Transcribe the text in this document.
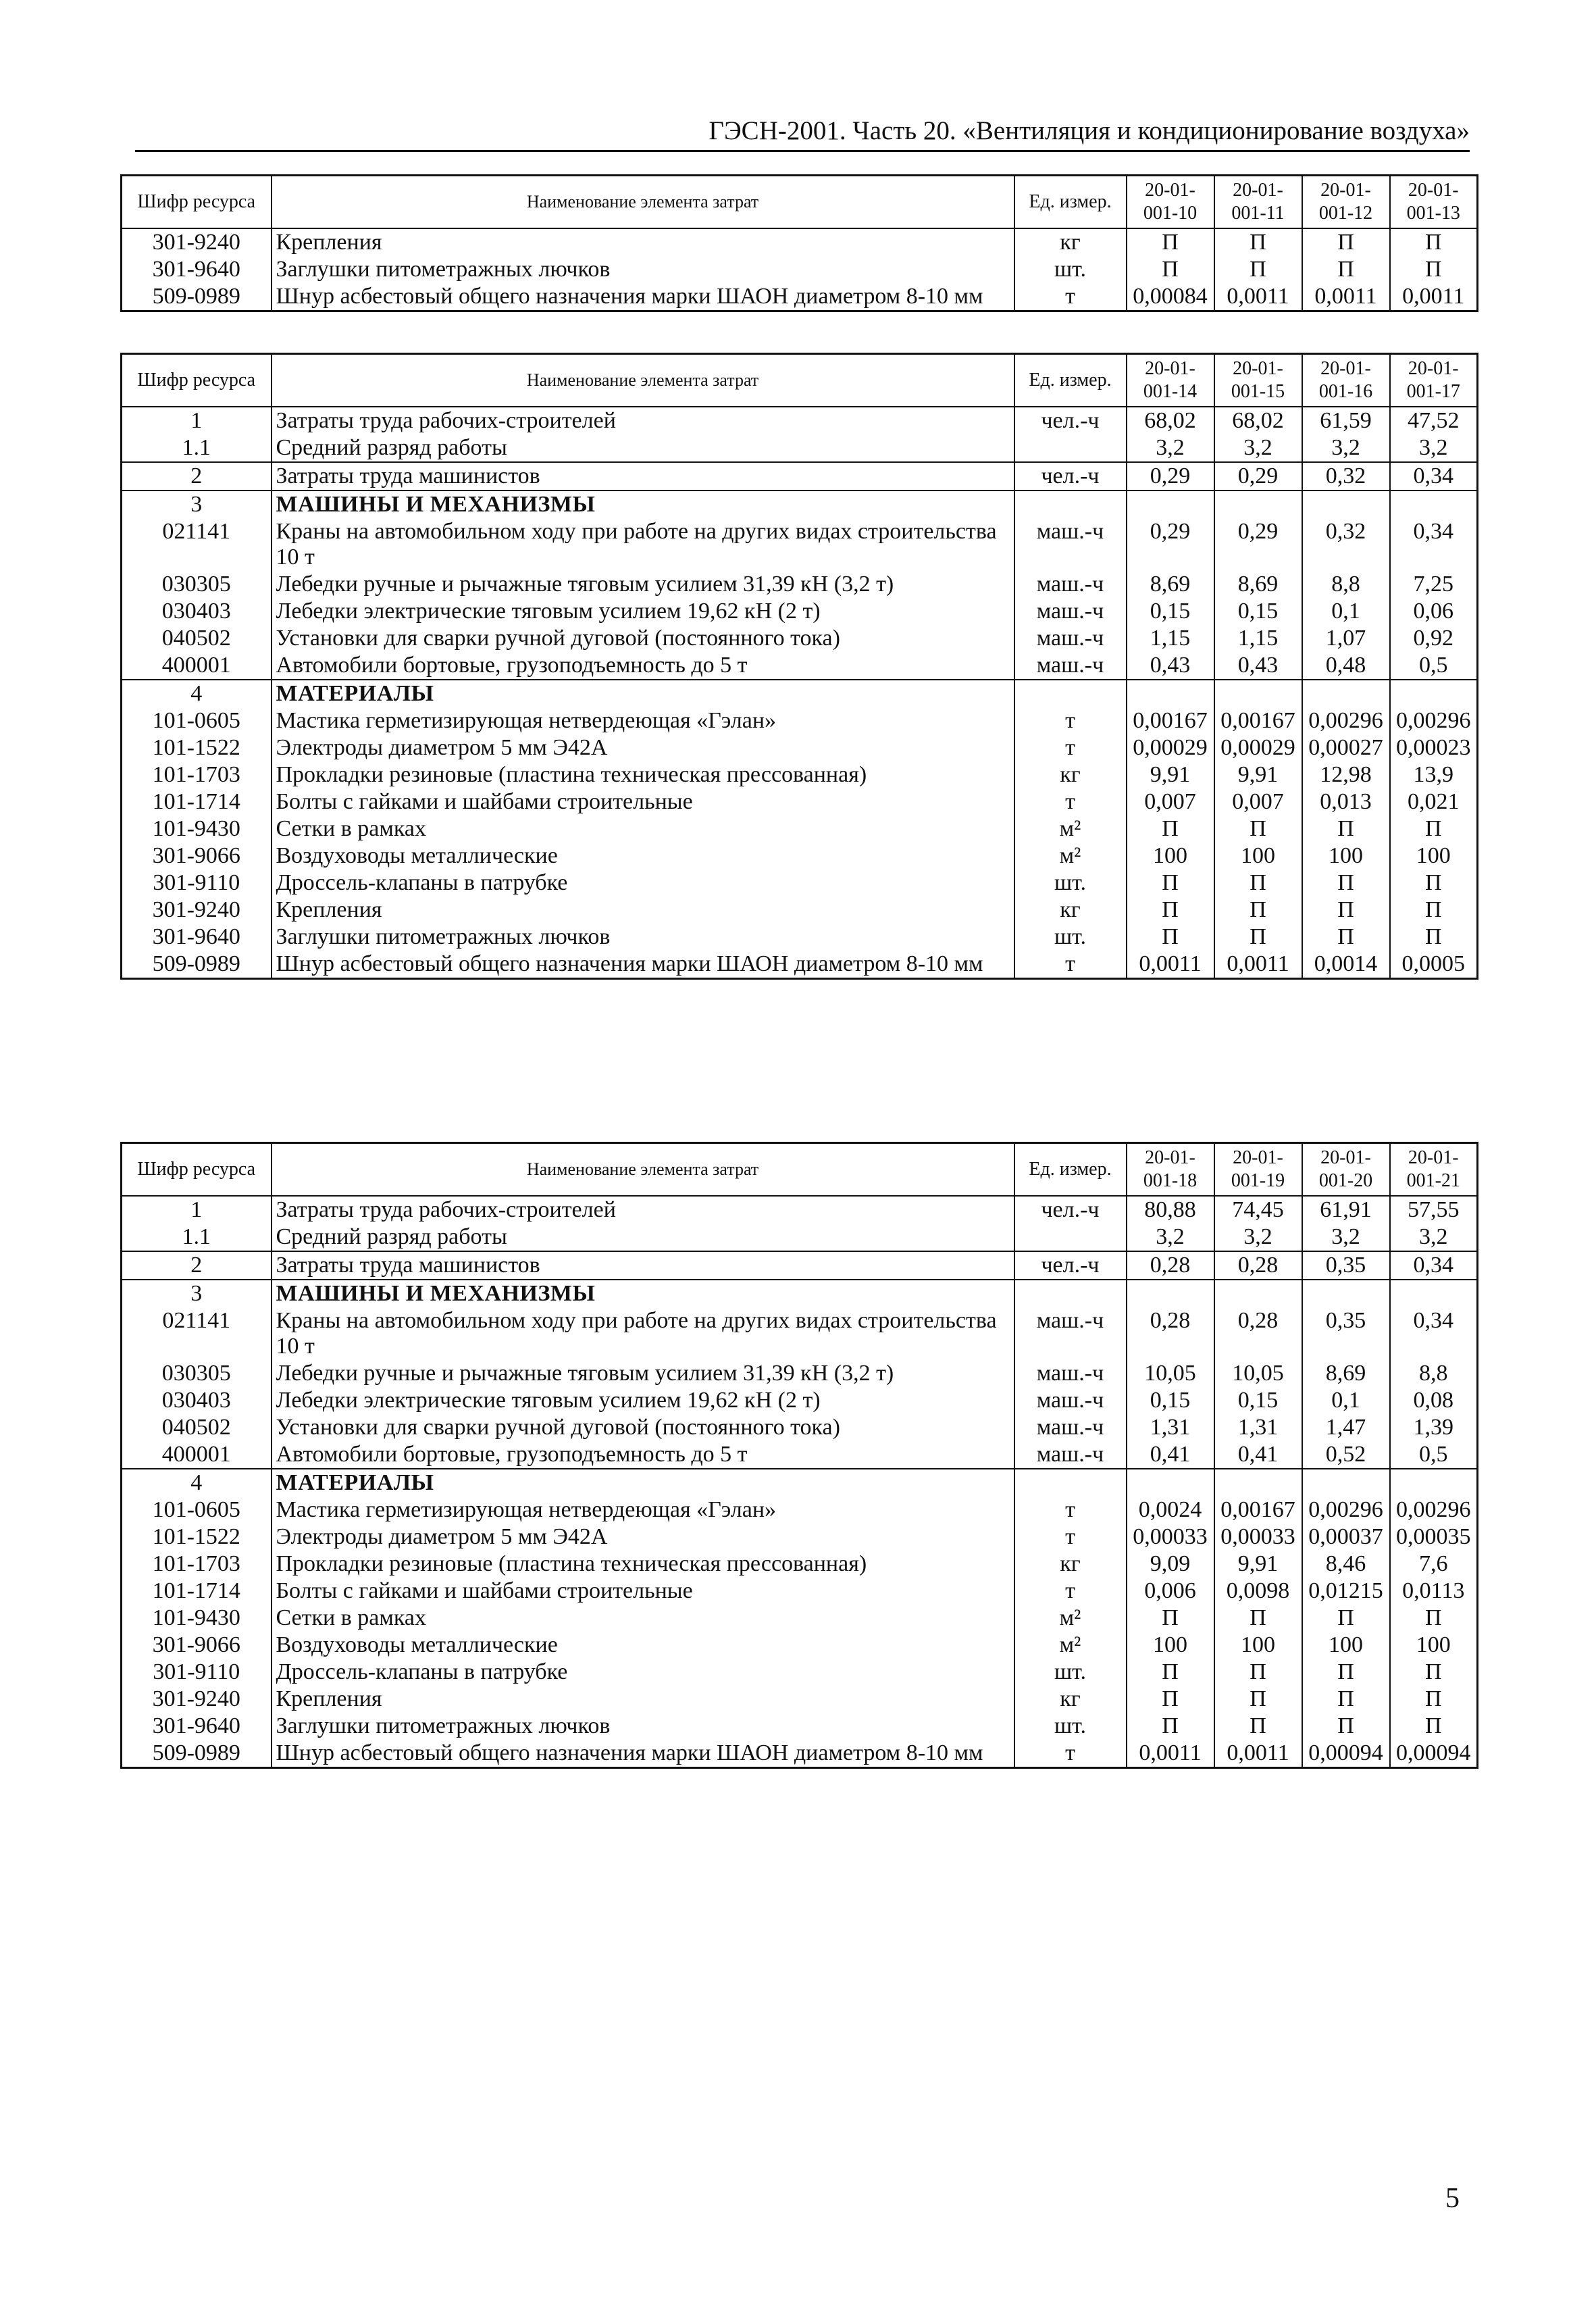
ГЭСН-2001. Часть 20. «Вентиляция и кондиционирование воздуха»
Шифр ресурса	Наименование элемента затрат	Ед. измер.	20-01-001-10	20-01-001-11	20-01-001-12	20-01-001-13
301-9240	Крепления	кг	П	П	П	П
301-9640	Заглушки питометражных лючков	шт.	П	П	П	П
509-0989	Шнур асбестовый общего назначения марки ШАОН диаметром 8-10 мм	т	0,00084	0,0011	0,0011	0,0011
Шифр ресурса	Наименование элемента затрат	Ед. измер.	20-01-001-14	20-01-001-15	20-01-001-16	20-01-001-17
1	Затраты труда рабочих-строителей	чел.-ч	68,02	68,02	61,59	47,52
1.1	Средний разряд работы		3,2	3,2	3,2	3,2
2	Затраты труда машинистов	чел.-ч	0,29	0,29	0,32	0,34
3	МАШИНЫ И МЕХАНИЗМЫ					
021141	Краны на автомобильном ходу при работе на других видах строительства 10 т	маш.-ч	0,29	0,29	0,32	0,34
030305	Лебедки ручные и рычажные тяговым усилием 31,39 кН (3,2 т)	маш.-ч	8,69	8,69	8,8	7,25
030403	Лебедки электрические тяговым усилием 19,62 кН (2 т)	маш.-ч	0,15	0,15	0,1	0,06
040502	Установки для сварки ручной дуговой (постоянного тока)	маш.-ч	1,15	1,15	1,07	0,92
400001	Автомобили бортовые, грузоподъемность до 5 т	маш.-ч	0,43	0,43	0,48	0,5
4	МАТЕРИАЛЫ					
101-0605	Мастика герметизирующая нетвердеющая «Гэлан»	т	0,00167	0,00167	0,00296	0,00296
101-1522	Электроды диаметром 5 мм Э42А	т	0,00029	0,00029	0,00027	0,00023
101-1703	Прокладки резиновые (пластина техническая прессованная)	кг	9,91	9,91	12,98	13,9
101-1714	Болты с гайками и шайбами строительные	т	0,007	0,007	0,013	0,021
101-9430	Сетки в рамках	м²	П	П	П	П
301-9066	Воздуховоды металлические	м²	100	100	100	100
301-9110	Дроссель-клапаны в патрубке	шт.	П	П	П	П
301-9240	Крепления	кг	П	П	П	П
301-9640	Заглушки питометражных лючков	шт.	П	П	П	П
509-0989	Шнур асбестовый общего назначения марки ШАОН диаметром 8-10 мм	т	0,0011	0,0011	0,0014	0,0005
Шифр ресурса	Наименование элемента затрат	Ед. измер.	20-01-001-18	20-01-001-19	20-01-001-20	20-01-001-21
1	Затраты труда рабочих-строителей	чел.-ч	80,88	74,45	61,91	57,55
1.1	Средний разряд работы		3,2	3,2	3,2	3,2
2	Затраты труда машинистов	чел.-ч	0,28	0,28	0,35	0,34
3	МАШИНЫ И МЕХАНИЗМЫ					
021141	Краны на автомобильном ходу при работе на других видах строительства 10 т	маш.-ч	0,28	0,28	0,35	0,34
030305	Лебедки ручные и рычажные тяговым усилием 31,39 кН (3,2 т)	маш.-ч	10,05	10,05	8,69	8,8
030403	Лебедки электрические тяговым усилием 19,62 кН (2 т)	маш.-ч	0,15	0,15	0,1	0,08
040502	Установки для сварки ручной дуговой (постоянного тока)	маш.-ч	1,31	1,31	1,47	1,39
400001	Автомобили бортовые, грузоподъемность до 5 т	маш.-ч	0,41	0,41	0,52	0,5
4	МАТЕРИАЛЫ					
101-0605	Мастика герметизирующая нетвердеющая «Гэлан»	т	0,0024	0,00167	0,00296	0,00296
101-1522	Электроды диаметром 5 мм Э42А	т	0,00033	0,00033	0,00037	0,00035
101-1703	Прокладки резиновые (пластина техническая прессованная)	кг	9,09	9,91	8,46	7,6
101-1714	Болты с гайками и шайбами строительные	т	0,006	0,0098	0,01215	0,0113
101-9430	Сетки в рамках	м²	П	П	П	П
301-9066	Воздуховоды металлические	м²	100	100	100	100
301-9110	Дроссель-клапаны в патрубке	шт.	П	П	П	П
301-9240	Крепления	кг	П	П	П	П
301-9640	Заглушки питометражных лючков	шт.	П	П	П	П
509-0989	Шнур асбестовый общего назначения марки ШАОН диаметром 8-10 мм	т	0,0011	0,0011	0,00094	0,00094
5
